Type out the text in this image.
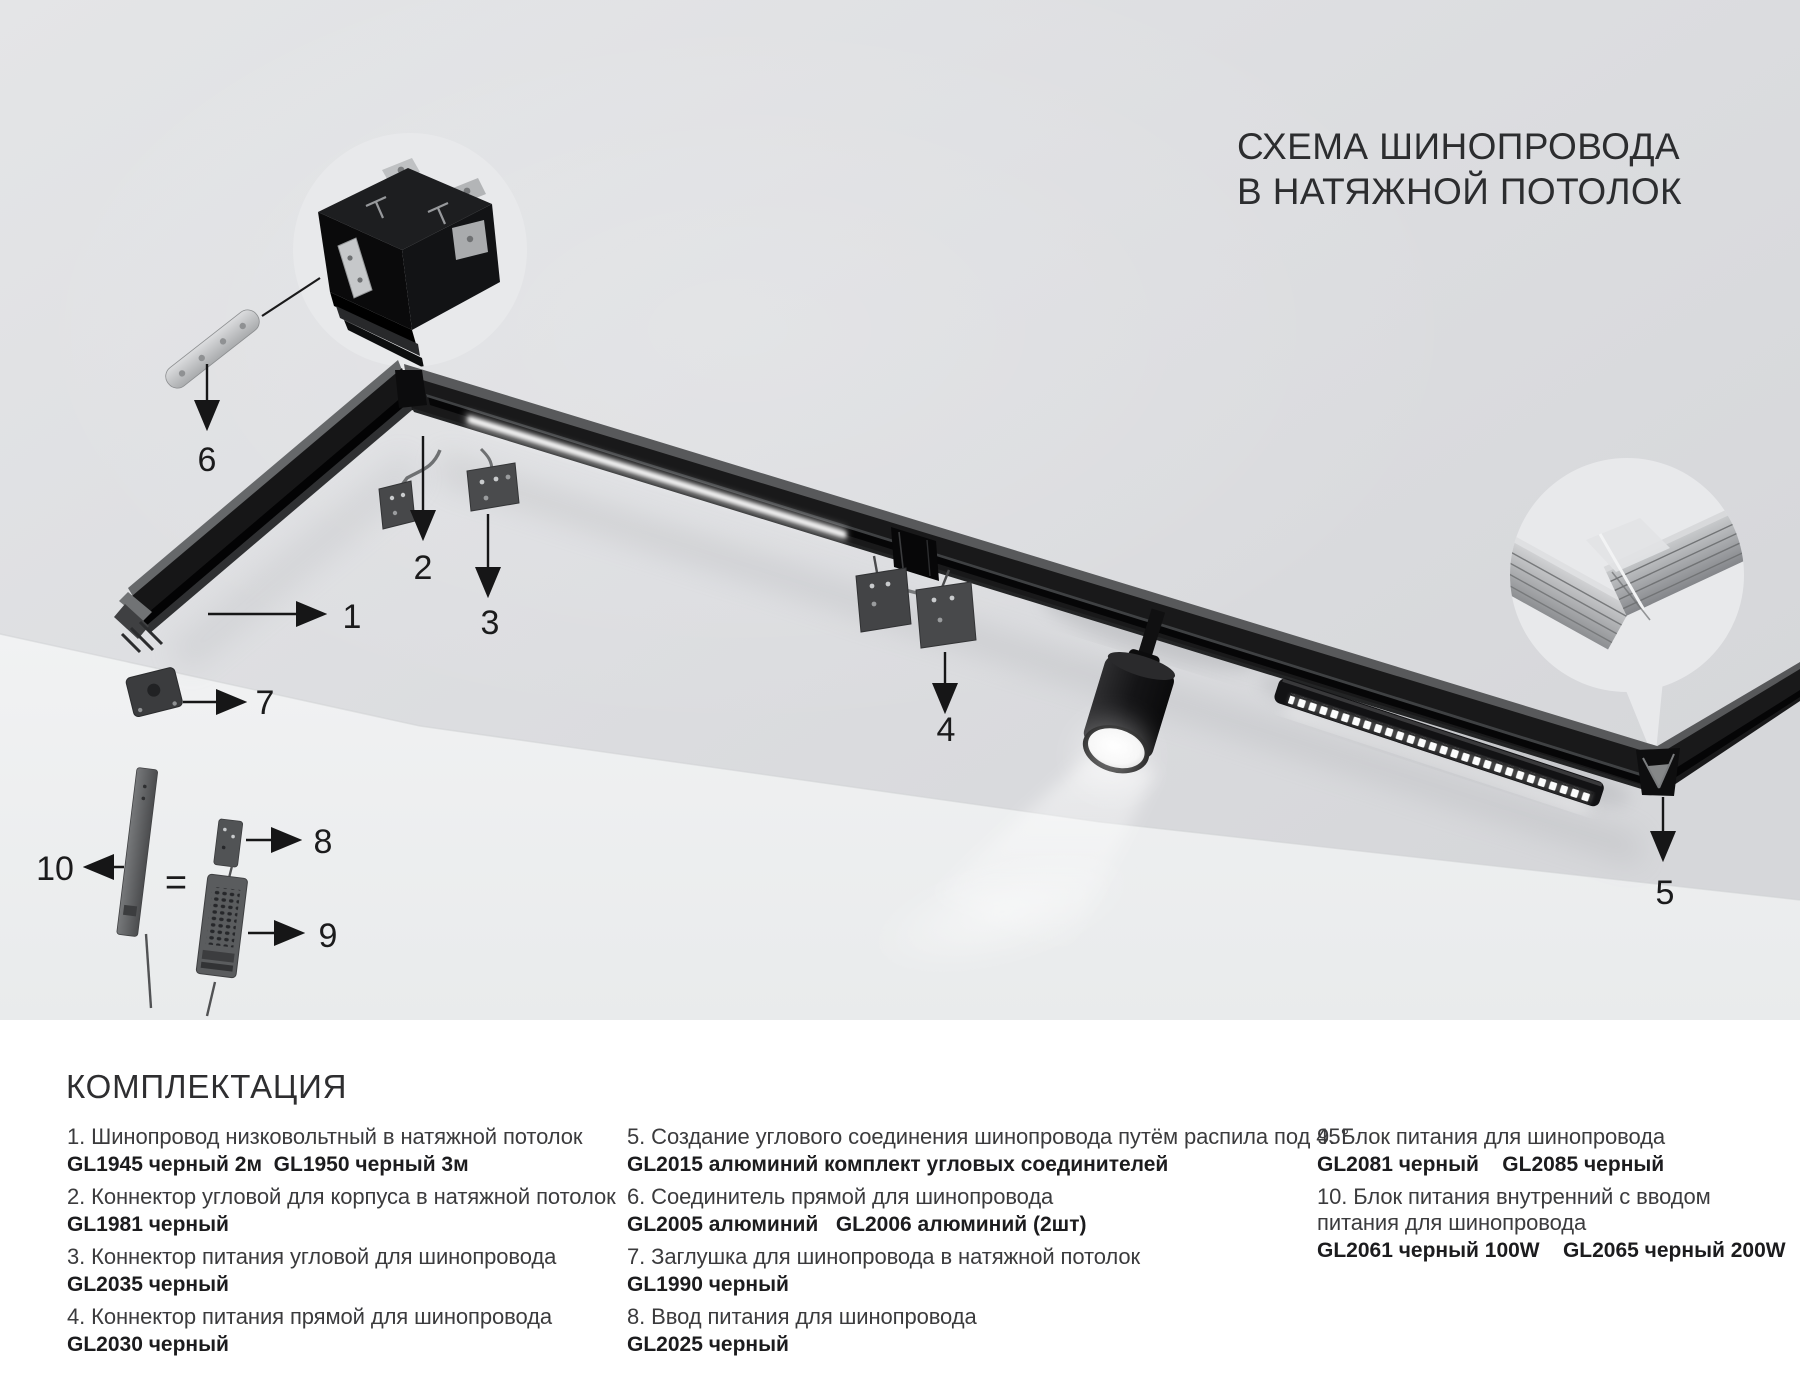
1
2
3
4
5
6
7
8
9
10 =
СХЕМА ШИНОПРОВОДА
В НАТЯЖНОЙ ПОТОЛОК
КОМПЛЕКТАЦИЯ

1. Шинопровод низковольтный в натяжной потолок

GL1945 черный 2м  GL1950 черный 3м

2. Коннектор угловой для корпуса в натяжной потолок

GL1981 черный

3. Коннектор питания угловой для шинопровода

GL2035 черный

4. Коннектор питания прямой для шинопровода

GL2030 черный

5. Создание углового соединения шинопровода путём распила под 45°

GL2015 алюминий комплект угловых соединителей

6. Соединитель прямой для шинопровода

GL2005 алюминий   GL2006 алюминий (2шт)

7. Заглушка для шинопровода в натяжной потолок

GL1990 черный

8. Ввод питания для шинопровода

GL2025 черный

9. Блок питания для шинопровода

GL2081 черный    GL2085 черный

10. Блок питания внутренний с вводом питания для шинопровода

GL2061 черный 100W    GL2065 черный 200W
